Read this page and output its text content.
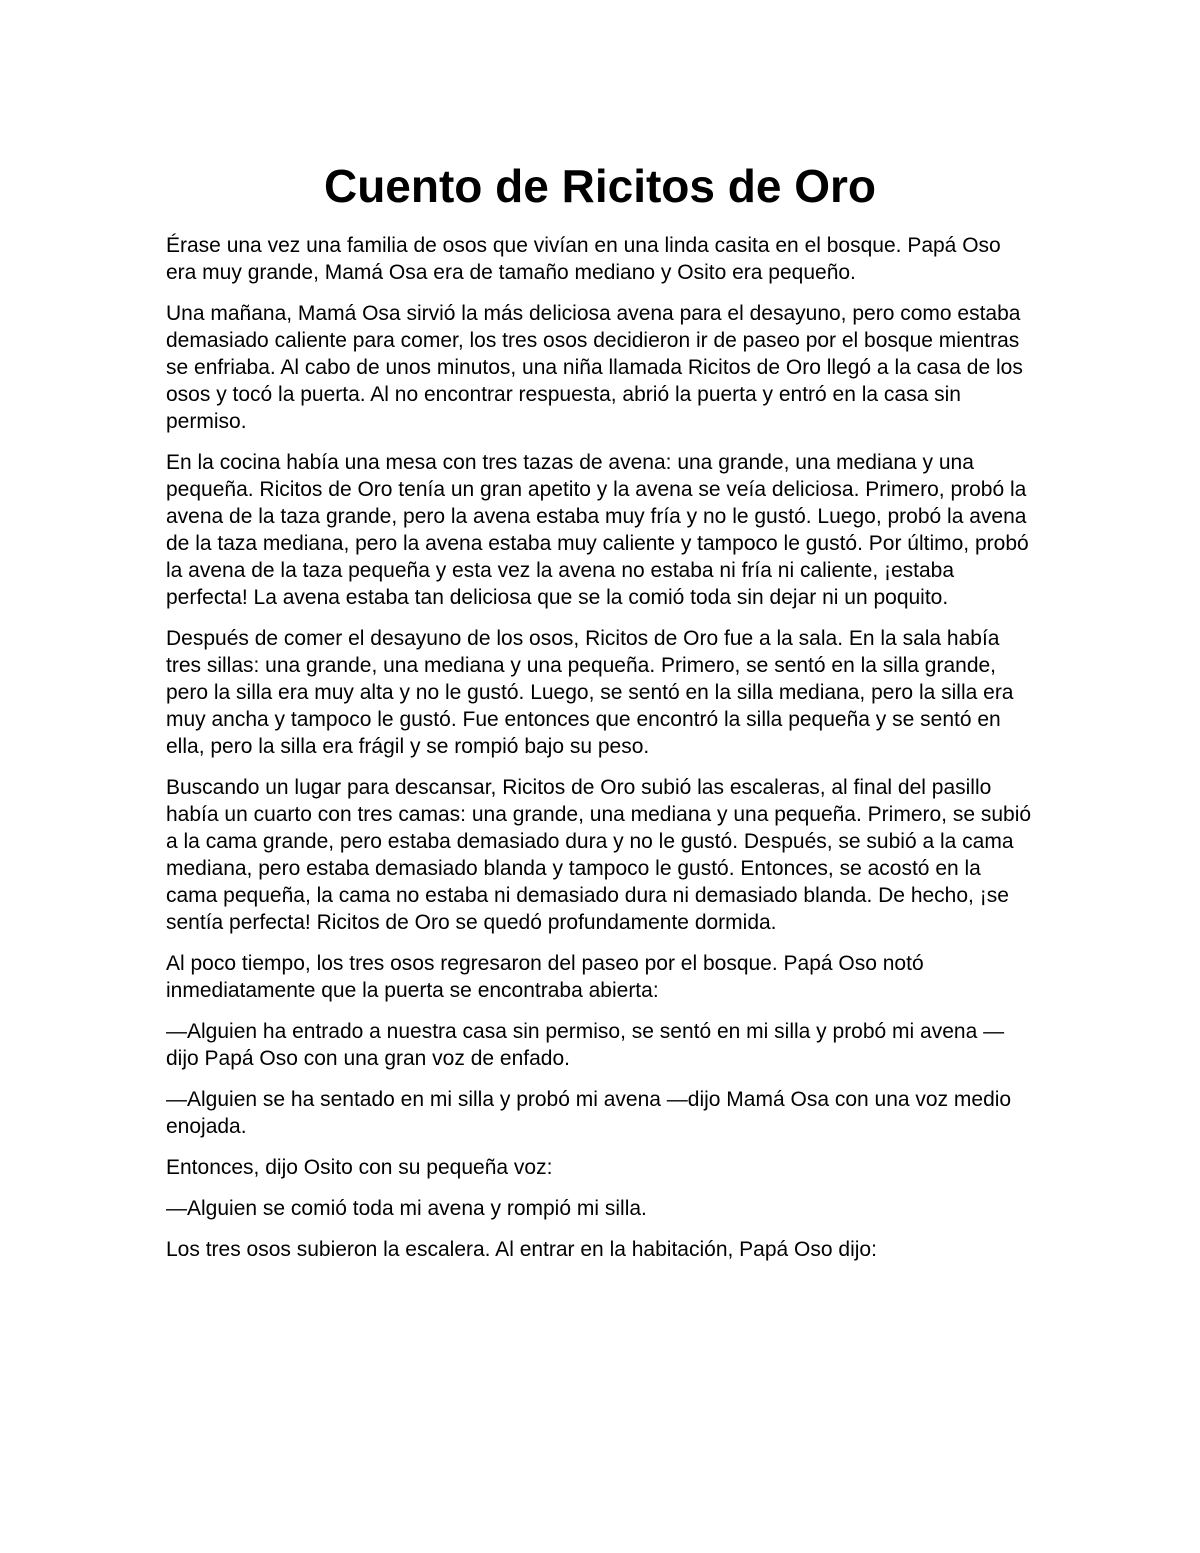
Cuento de Ricitos de Oro

Érase una vez una familia de osos que vivían en una linda casita en el bosque. Papá Oso era muy grande, Mamá Osa era de tamaño mediano y Osito era pequeño.

Una mañana, Mamá Osa sirvió la más deliciosa avena para el desayuno, pero como estaba demasiado caliente para comer, los tres osos decidieron ir de paseo por el bosque mientras se enfriaba. Al cabo de unos minutos, una niña llamada Ricitos de Oro llegó a la casa de los osos y tocó la puerta. Al no encontrar respuesta, abrió la puerta y entró en la casa sin permiso.

En la cocina había una mesa con tres tazas de avena: una grande, una mediana y una pequeña. Ricitos de Oro tenía un gran apetito y la avena se veía deliciosa. Primero, probó la avena de la taza grande, pero la avena estaba muy fría y no le gustó. Luego, probó la avena de la taza mediana, pero la avena estaba muy caliente y tampoco le gustó. Por último, probó la avena de la taza pequeña y esta vez la avena no estaba ni fría ni caliente, ¡estaba perfecta! La avena estaba tan deliciosa que se la comió toda sin dejar ni un poquito.

Después de comer el desayuno de los osos, Ricitos de Oro fue a la sala. En la sala había tres sillas: una grande, una mediana y una pequeña. Primero, se sentó en la silla grande, pero la silla era muy alta y no le gustó. Luego, se sentó en la silla mediana, pero la silla era muy ancha y tampoco le gustó. Fue entonces que encontró la silla pequeña y se sentó en ella, pero la silla era frágil y se rompió bajo su peso.

Buscando un lugar para descansar, Ricitos de Oro subió las escaleras, al final del pasillo había un cuarto con tres camas: una grande, una mediana y una pequeña. Primero, se subió a la cama grande, pero estaba demasiado dura y no le gustó. Después, se subió a la cama mediana, pero estaba demasiado blanda y tampoco le gustó. Entonces, se acostó en la cama pequeña, la cama no estaba ni demasiado dura ni demasiado blanda. De hecho, ¡se sentía perfecta! Ricitos de Oro se quedó profundamente dormida.

Al poco tiempo, los tres osos regresaron del paseo por el bosque. Papá Oso notó inmediatamente que la puerta se encontraba abierta:

—Alguien ha entrado a nuestra casa sin permiso, se sentó en mi silla y probó mi avena —dijo Papá Oso con una gran voz de enfado.

—Alguien se ha sentado en mi silla y probó mi avena —dijo Mamá Osa con una voz medio enojada.

Entonces, dijo Osito con su pequeña voz:

—Alguien se comió toda mi avena y rompió mi silla.

Los tres osos subieron la escalera. Al entrar en la habitación, Papá Oso dijo:
